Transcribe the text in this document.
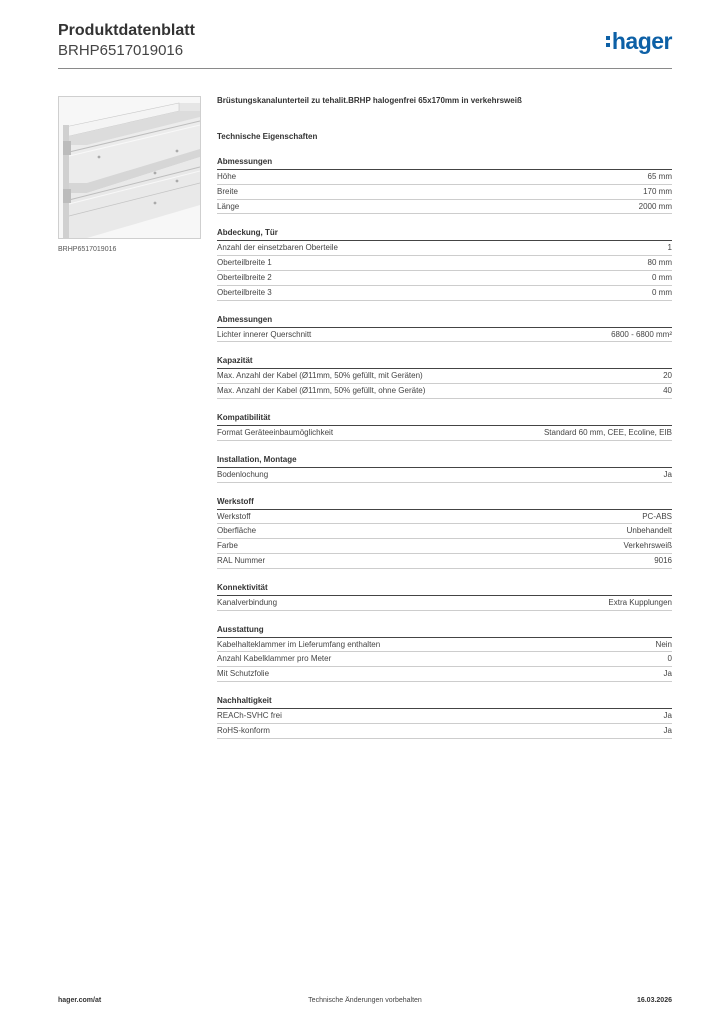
Produktdatenblatt
BRHP6517019016	hager
BRHP6517019016
Brüstungskanalunterteil zu tehalit.BRHP halogenfrei 65x170mm in verkehrsweiß
Technische Eigenschaften
Abmessungen
Höhe	65 mm
Breite	170 mm
Länge	2000 mm
Abdeckung, Tür
Anzahl der einsetzbaren Oberteile	1
Oberteilbreite 1	80 mm
Oberteilbreite 2	0 mm
Oberteilbreite 3	0 mm
Abmessungen
Lichter innerer Querschnitt	6800 - 6800 mm²
Kapazität
Max. Anzahl der Kabel (Ø11mm, 50% gefüllt, mit Geräten)	20
Max. Anzahl der Kabel (Ø11mm, 50% gefüllt, ohne Geräte)	40
Kompatibilität
Format Geräteeinbaumöglichkeit	Standard 60 mm, CEE, Ecoline, EIB
Installation, Montage
Bodenlochung	Ja
Werkstoff
Werkstoff	PC-ABS
Oberfläche	Unbehandelt
Farbe	Verkehrsweiß
RAL Nummer	9016
Konnektivität
Kanalverbindung	Extra Kupplungen
Ausstattung
Kabelhalteklammer im Lieferumfang enthalten	Nein
Anzahl Kabelklammer pro Meter	0
Mit Schutzfolie	Ja
Nachhaltigkeit
REACh-SVHC frei	Ja
RoHS-konform	Ja
hager.com/at	Technische Änderungen vorbehalten	16.03.2026
